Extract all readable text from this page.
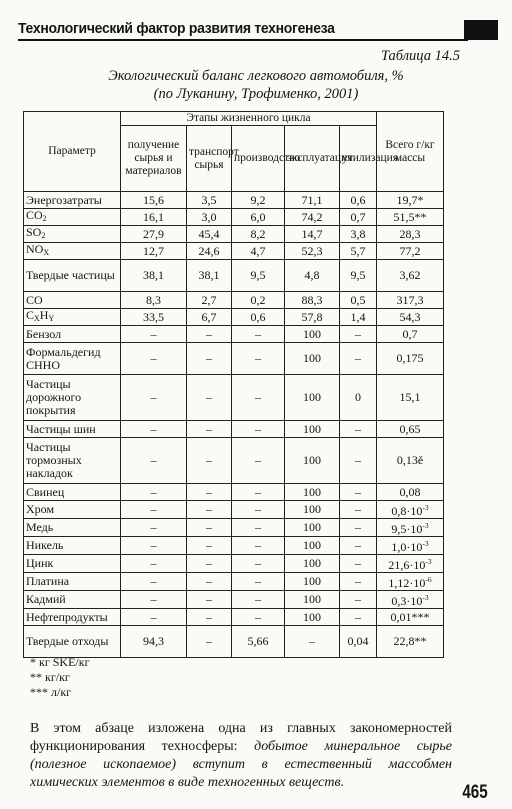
Технологический фактор развития техногенеза
Таблица 14.5
Экологический баланс легкового автомобиля, %
(по Луканину, Трофименко, 2001)
Параметр	Этапы жизненного цикла					Всего г/кг массы
	получение сырья и материалов	транспорт сырья	производство	эксплуатация	утилизация	
Энергозатраты	15,6	3,5	9,2	71,1	0,6	19,7*
$CO_2$	16,1	3,0	6,0	74,2	0,7	51,5**
$SO_2$	27,9	45,4	8,2	14,7	3,8	28,3
$NO_X$	12,7	24,6	4,7	52,3	5,7	77,2
Твердые частицы	38,1	38,1	9,5	4,8	9,5	3,62
CO	8,3	2,7	0,2	88,3	0,5	317,3
$C_XH_Y$	33,5	6,7	0,6	57,8	1,4	54,3
Бензол	–	–	–	100	–	0,7
Формальдегид СННО	–	–	–	100	–	0,175
Частицы дорожного покрытия	–	–	–	100	0	15,1
Частицы шин	–	–	–	100	–	0,65
Частицы тормозных накладок	–	–	–	100	–	0,13ě
Свинец	–	–	–	100	–	0,08
Хром	–	–	–	100	–	$0,8\cdot 10^{-3}$
Медь	–	–	–	100	–	$9,5\cdot 10^{-3}$
Никель	–	–	–	100	–	$1,0\cdot 10^{-3}$
Цинк	–	–	–	100	–	$21,6\cdot 10^{-3}$
Платина	–	–	–	100	–	$1,12\cdot 10^{-6}$
Кадмий	–	–	–	100	–	$0,3\cdot 10^{-3}$
Нефтепродукты	–	–	–	100	–	0,01***
Твердые отходы	94,3	–	5,66	–	0,04	22,8**
* кг SKE/кг
** кг/кг
*** л/кг
В этом абзаце изложена одна из главных закономерностей функционирования техносферы: добытое минеральное сырье (полезное ископаемое) вступит в естественный массобмен химических элементов в виде техногенных веществ.	465
